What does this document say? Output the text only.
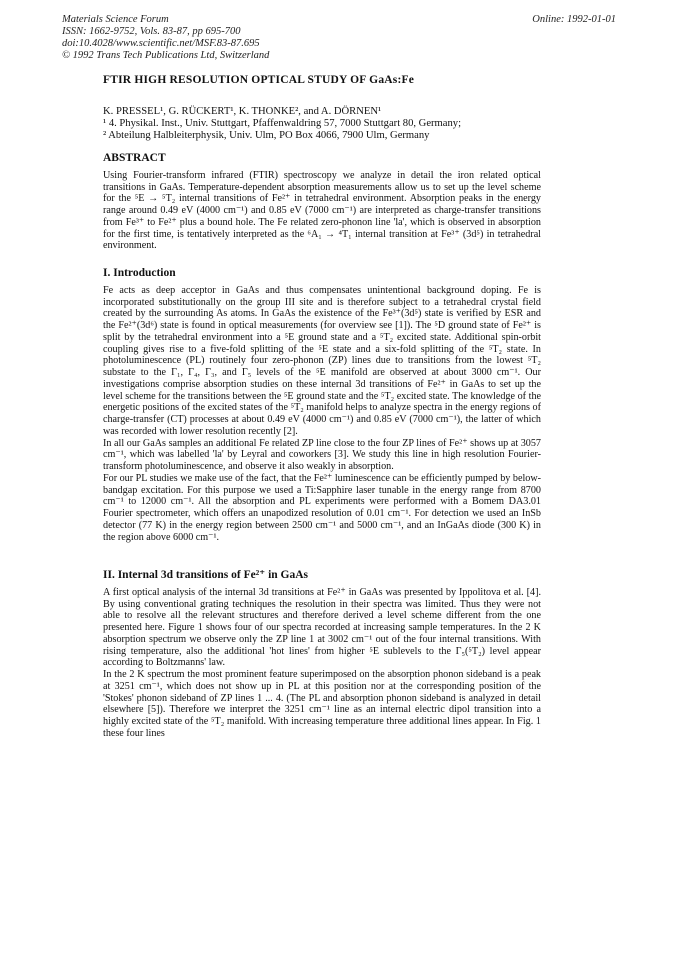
Materials Science Forum
ISSN: 1662-9752, Vols. 83-87, pp 695-700
doi:10.4028/www.scientific.net/MSF.83-87.695
© 1992 Trans Tech Publications Ltd, Switzerland
Online: 1992-01-01
FTIR HIGH RESOLUTION OPTICAL STUDY OF GaAs:Fe
K. PRESSEL¹, G. RÜCKERT¹, K. THONKE², and A. DÖRNEN¹
¹ 4. Physikal. Inst., Univ. Stuttgart, Pfaffenwaldring 57, 7000 Stuttgart 80, Germany;
² Abteilung Halbleiterphysik, Univ. Ulm, PO Box 4066, 7900 Ulm, Germany
ABSTRACT

Using Fourier-transform infrared (FTIR) spectroscopy we analyze in detail the iron related optical transitions in GaAs. Temperature-dependent absorption measurements allow us to set up the level scheme for the ⁵E → ⁵T₂ internal transitions of Fe²⁺ in tetrahedral environment. Absorption peaks in the energy range around 0.49 eV (4000 cm⁻¹) and 0.85 eV (7000 cm⁻¹) are interpreted as charge-transfer transitions from Fe³⁺ to Fe²⁺ plus a bound hole. The Fe related zero-phonon line 'la', which is observed in absorption for the first time, is tentatively interpreted as the ⁶A₁ → ⁴T₁ internal transition at Fe³⁺ (3d⁵) in tetrahedral environment.

I. Introduction

Fe acts as deep acceptor in GaAs and thus compensates unintentional background doping. Fe is incorporated substitutionally on the group III site and is therefore subject to a tetrahedral crystal field created by the surrounding As atoms. In GaAs the existence of the Fe³⁺(3d⁵) state is verified by ESR and the Fe²⁺(3d⁶) state is found in optical measurements (for overview see [1]). The ⁵D ground state of Fe²⁺ is split by the tetrahedral environment into a ⁵E ground state and a ⁵T₂ excited state. Additional spin-orbit coupling gives rise to a five-fold splitting of the ⁵E state and a six-fold splitting of the ⁵T₂ state. In photoluminescence (PL) routinely four zero-phonon (ZP) lines due to transitions from the lowest ⁵T₂ substate to the Γ₁, Γ₄, Γ₃, and Γ₅ levels of the ⁵E manifold are observed at about 3000 cm⁻¹. Our investigations comprise absorption studies on these internal 3d transitions of Fe²⁺ in GaAs to set up the level scheme for the transitions between the ⁵E ground state and the ⁵T₂ excited state. The knowledge of the energetic positions of the excited states of the ⁵T₂ manifold helps to analyze spectra in the energy regions of charge-transfer (CT) processes at about 0.49 eV (4000 cm⁻¹) and 0.85 eV (7000 cm⁻¹), the latter of which was recorded with lower resolution recently [2].

In all our GaAs samples an additional Fe related ZP line close to the four ZP lines of Fe²⁺ shows up at 3057 cm⁻¹, which was labelled 'la' by Leyral and coworkers [3]. We study this line in high resolution Fourier-transform photoluminescence, and observe it also weakly in absorption.

For our PL studies we make use of the fact, that the Fe²⁺ luminescence can be efficiently pumped by below-bandgap excitation. For this purpose we used a Ti:Sapphire laser tunable in the energy range from 8700 cm⁻¹ to 12000 cm⁻¹. All the absorption and PL experiments were performed with a Bomem DA3.01 Fourier spectrometer, which offers an unapodized resolution of 0.01 cm⁻¹. For detection we used an InSb detector (77 K) in the energy region between 2500 cm⁻¹ and 5000 cm⁻¹, and an InGaAs diode (300 K) in the region above 6000 cm⁻¹.

II. Internal 3d transitions of Fe²⁺ in GaAs

A first optical analysis of the internal 3d transitions at Fe²⁺ in GaAs was presented by Ippolitova et al. [4]. By using conventional grating techniques the resolution in their spectra was limited. Thus they were not able to resolve all the relevant structures and therefore derived a level scheme different from the one presented here. Figure 1 shows four of our spectra recorded at increasing sample temperatures. In the 2 K absorption spectrum we observe only the ZP line 1 at 3002 cm⁻¹ out of the four internal transitions. With rising temperature, also the additional 'hot lines' from higher ⁵E sublevels to the Γ₅(⁵T₂) level appear according to Boltzmanns' law.

In the 2 K spectrum the most prominent feature superimposed on the absorption phonon sideband is a peak at 3251 cm⁻¹, which does not show up in PL at this position nor at the corresponding position of the 'Stokes' phonon sideband of ZP lines 1 ... 4. (The PL and absorption phonon sideband is analyzed in detail elsewhere [5]). Therefore we interpret the 3251 cm⁻¹ line as an internal electric dipol transition into a highly excited state of the ⁵T₂ manifold. With increasing temperature three additional lines appear. In Fig. 1 these four lines
